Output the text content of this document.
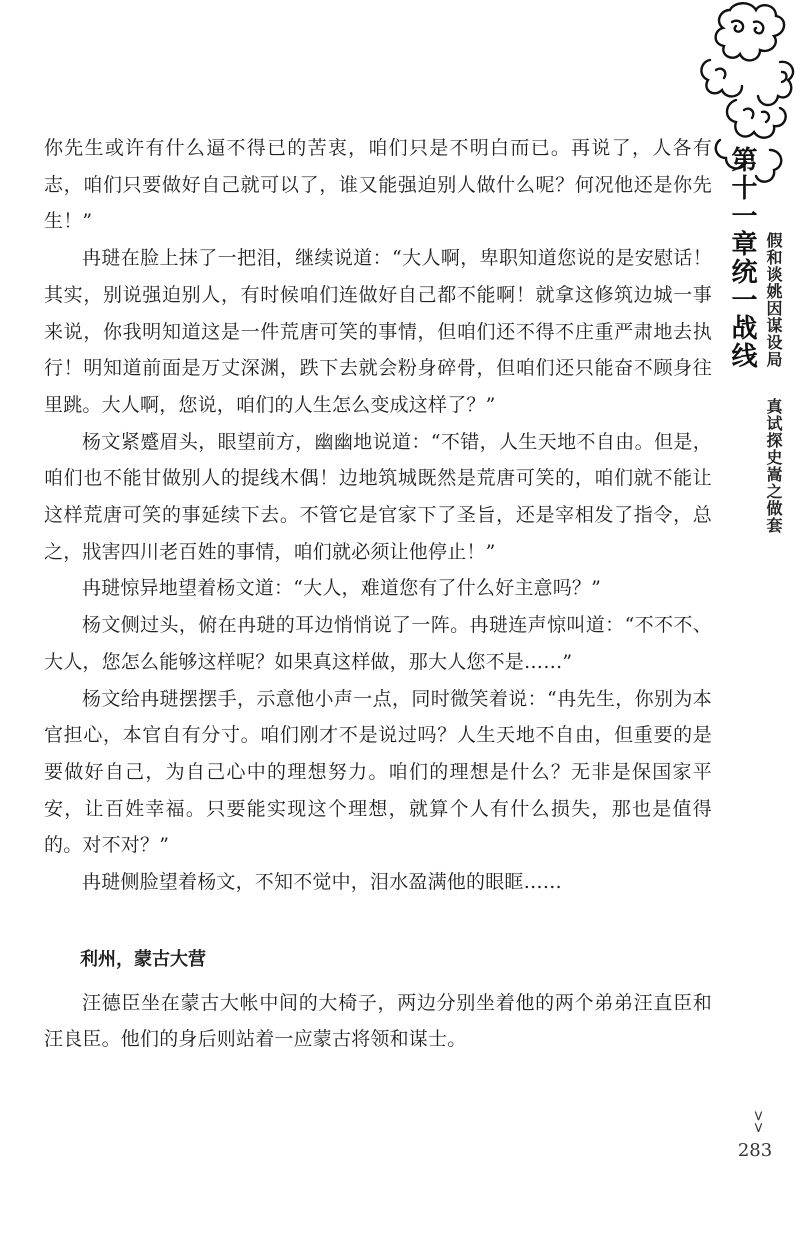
第十一章
统一战线 假和谈姚因谋设局
真试探史嵩之做套

你先生或许有什么逼不得已的苦衷，咱们只是不明白而已。再说了，人各有志，咱们只要做好自己就可以了，谁又能强迫别人做什么呢？何况他还是你先生！”

冉琎在脸上抹了一把泪，继续说道：“大人啊，卑职知道您说的是安慰话！其实，别说强迫别人，有时候咱们连做好自己都不能啊！就拿这修筑边城一事来说，你我明知道这是一件荒唐可笑的事情，但咱们还不得不庄重严肃地去执行！明知道前面是万丈深渊，跌下去就会粉身碎骨，但咱们还只能奋不顾身往里跳。大人啊，您说，咱们的人生怎么变成这样了？”

杨文紧蹙眉头，眼望前方，幽幽地说道：“不错，人生天地不自由。但是，咱们也不能甘做别人的提线木偶！边地筑城既然是荒唐可笑的，咱们就不能让这样荒唐可笑的事延续下去。不管它是官家下了圣旨，还是宰相发了指令，总之，戕害四川老百姓的事情，咱们就必须让他停止！”

冉琎惊异地望着杨文道：“大人，难道您有了什么好主意吗？”

杨文侧过头，俯在冉琎的耳边悄悄说了一阵。冉琎连声惊叫道：“不不不、大人，您怎么能够这样呢？如果真这样做，那大人您不是……”

杨文给冉琎摆摆手，示意他小声一点，同时微笑着说：“冉先生，你别为本官担心，本官自有分寸。咱们刚才不是说过吗？人生天地不自由，但重要的是要做好自己，为自己心中的理想努力。咱们的理想是什么？无非是保国家平安，让百姓幸福。只要能实现这个理想，就算个人有什么损失，那也是值得的。对不对？”

冉琎侧脸望着杨文，不知不觉中，泪水盈满他的眼眶……

利州，蒙古大营

汪德臣坐在蒙古大帐中间的大椅子，两边分别坐着他的两个弟弟汪直臣和汪良臣。他们的身后则站着一应蒙古将领和谋士。

>>
283
